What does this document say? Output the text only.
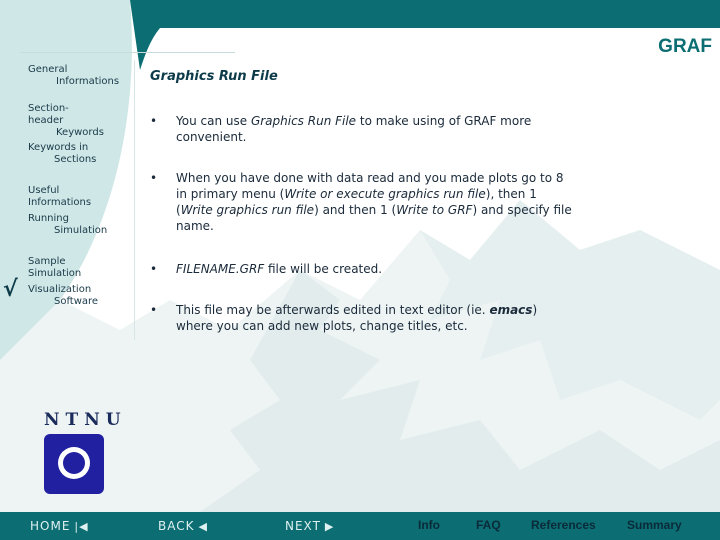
GRAF
General
Informations
Section-header
Keywords
Keywords in
Sections
Useful Informations
Running
Simulation
Sample Simulation
Visualization
Software
√
Graphics Run File
• You can use Graphics Run File to make using of GRAF more convenient.
• When you have done with data read and you made plots go to 8 in primary menu (Write or execute graphics run file), then 1 (Write graphics run file) and then 1 (Write to GRF) and specify file name.
• FILENAME.GRF file will be created.
• This file may be afterwards edited in text editor (ie. emacs) where you can add new plots, change titles, etc.
NTNU
HOME |◀	BACK ◀	NEXT ▶	Info	FAQ	References	Summary
